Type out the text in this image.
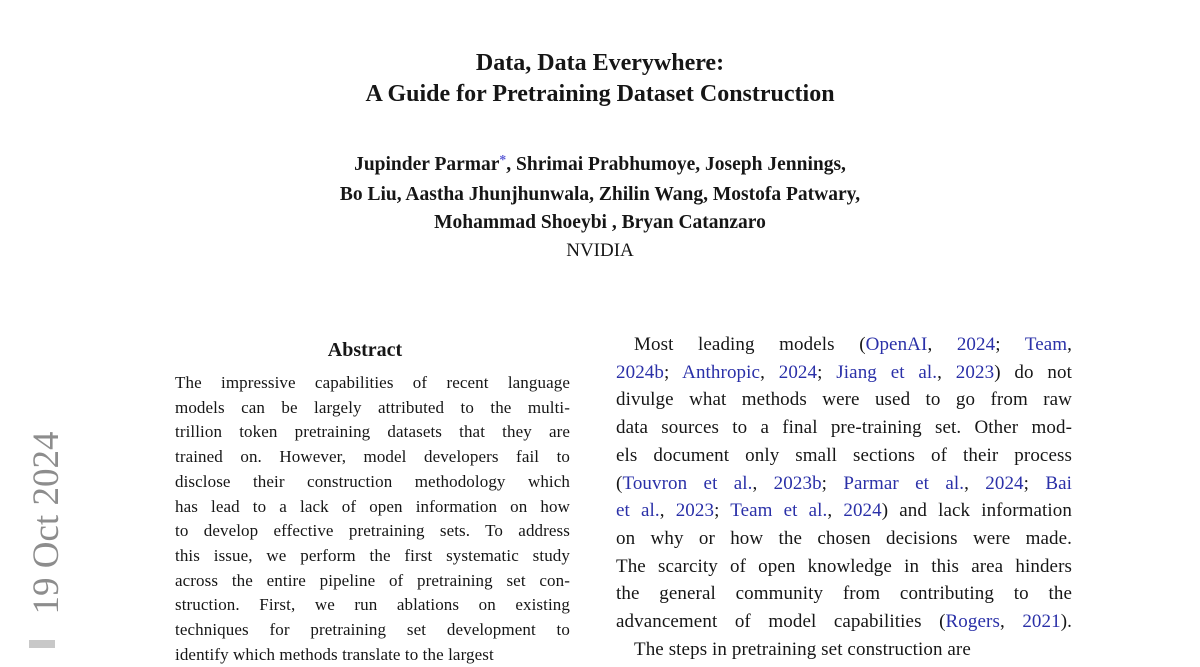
19 Oct 2024
Data, Data Everywhere:
A Guide for Pretraining Dataset Construction
Jupinder Parmar*, Shrimai Prabhumoye, Joseph Jennings,
Bo Liu, Aastha Jhunjhunwala, Zhilin Wang, Mostofa Patwary,
Mohammad Shoeybi , Bryan Catanzaro
NVIDIA
Abstract
The impressive capabilities of recent language
models can be largely attributed to the multi-
trillion token pretraining datasets that they are
trained on. However, model developers fail to
disclose their construction methodology which
has lead to a lack of open information on how
to develop effective pretraining sets. To address
this issue, we perform the first systematic study
across the entire pipeline of pretraining set con-
struction. First, we run ablations on existing
techniques for pretraining set development to
identify which methods translate to the largest
Most leading models (OpenAI, 2024; Team,
2024b; Anthropic, 2024; Jiang et al., 2023) do not
divulge what methods were used to go from raw
data sources to a final pre-training set. Other mod-
els document only small sections of their process
(Touvron et al., 2023b; Parmar et al., 2024; Bai
et al., 2023; Team et al., 2024) and lack information
on why or how the chosen decisions were made.
The scarcity of open knowledge in this area hinders
the general community from contributing to the
advancement of model capabilities (Rogers, 2021).
The steps in pretraining set construction are
